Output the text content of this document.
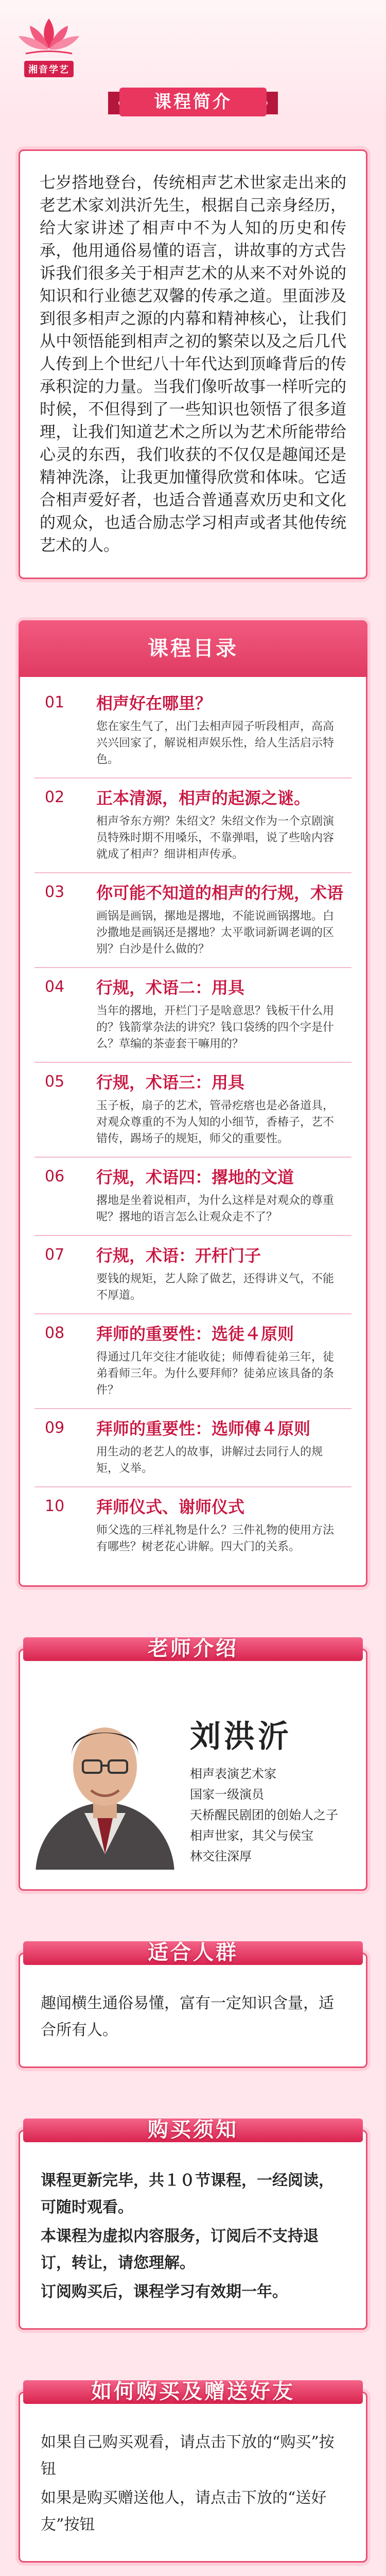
湘音学艺
课程简介

七岁搭地登台，传统相声艺术世家走出来的老艺术家刘洪沂先生，根据自己亲身经历，给大家讲述了相声中不为人知的历史和传承，他用通俗易懂的语言，讲故事的方式告诉我们很多关于相声艺术的从来不对外说的知识和行业德艺双馨的传承之道。里面涉及到很多相声之源的内幕和精神核心，让我们从中领悟能到相声之初的繁荣以及之后几代人传到上个世纪八十年代达到顶峰背后的传承积淀的力量。当我们像听故事一样听完的时候，不但得到了一些知识也领悟了很多道理，让我们知道艺术之所以为艺术所能带给心灵的东西，我们收获的不仅仅是趣闻还是精神洗涤，让我更加懂得欣赏和体味。它适合相声爱好者，也适合普通喜欢历史和文化的观众，也适合励志学习相声或者其他传统艺术的人。

课程目录
01	相声好在哪里？
您在家生气了，出门去相声园子听段相声，高高兴兴回家了，解说相声娱乐性，给人生活启示特色。
02	正本清源，相声的起源之谜。
相声爷东方朔？朱绍文？朱绍文作为一个京剧演员特殊时期不用嗓乐，不靠弹唱，说了些啥内容就成了相声？细讲相声传承。
03	你可能不知道的相声的行规，术语
画锅是画锅，摞地是撂地，不能说画锅撂地。白沙撒地是画锅还是撂地？太平歌词新调老调的区别？白沙是什么做的？
04	行规，术语二：用具
当年的撂地，开栏门子是啥意思？钱板干什么用的？钱箭掌杂法的讲究？钱口袋绣的四个字是什么？草编的茶壶套干嘛用的？
05	行规，术语三：用具
玉子板，扇子的艺术，管帚疙瘩也是必备道具，对观众尊重的不为人知的小细节，香椿子，艺不错传，踢场子的规矩，师父的重要性。
06	行规，术语四：撂地的文道
撂地是坐着说相声，为什么这样是对观众的尊重呢？撂地的语言怎么让观众走不了？
07	行规，术语：开杆门子
要钱的规矩，艺人除了做艺，还得讲义气，不能不厚道。
08	拜师的重要性：选徒４原则
得通过几年交往才能收徒；师傅看徒弟三年，徒弟看师三年。为什么要拜师？徒弟应该具备的条件？
09	拜师的重要性：选师傅４原则
用生动的老艺人的故事，讲解过去同行人的规矩，义举。
10	拜师仪式、谢师仪式
师父选的三样礼物是什么？三件礼物的使用方法有哪些？树老花心讲解。四大门的关系。
老师介绍
刘洪沂
相声表演艺术家
国家一级演员
天桥醒民剧团的创始人之子
相声世家，其父与侯宝
林交往深厚
适合人群

趣闻横生通俗易懂，富有一定知识含量，适合所有人。

购买须知

课程更新完毕，共１０节课程，一经阅读，可随时观看。

本课程为虚拟内容服务，订阅后不支持退订，转让，请您理解。

订阅购买后，课程学习有效期一年。

如何购买及赠送好友

如果自己购买观看，请点击下放的“购买”按钮

如果是购买赠送他人，请点击下放的“送好友”按钮
